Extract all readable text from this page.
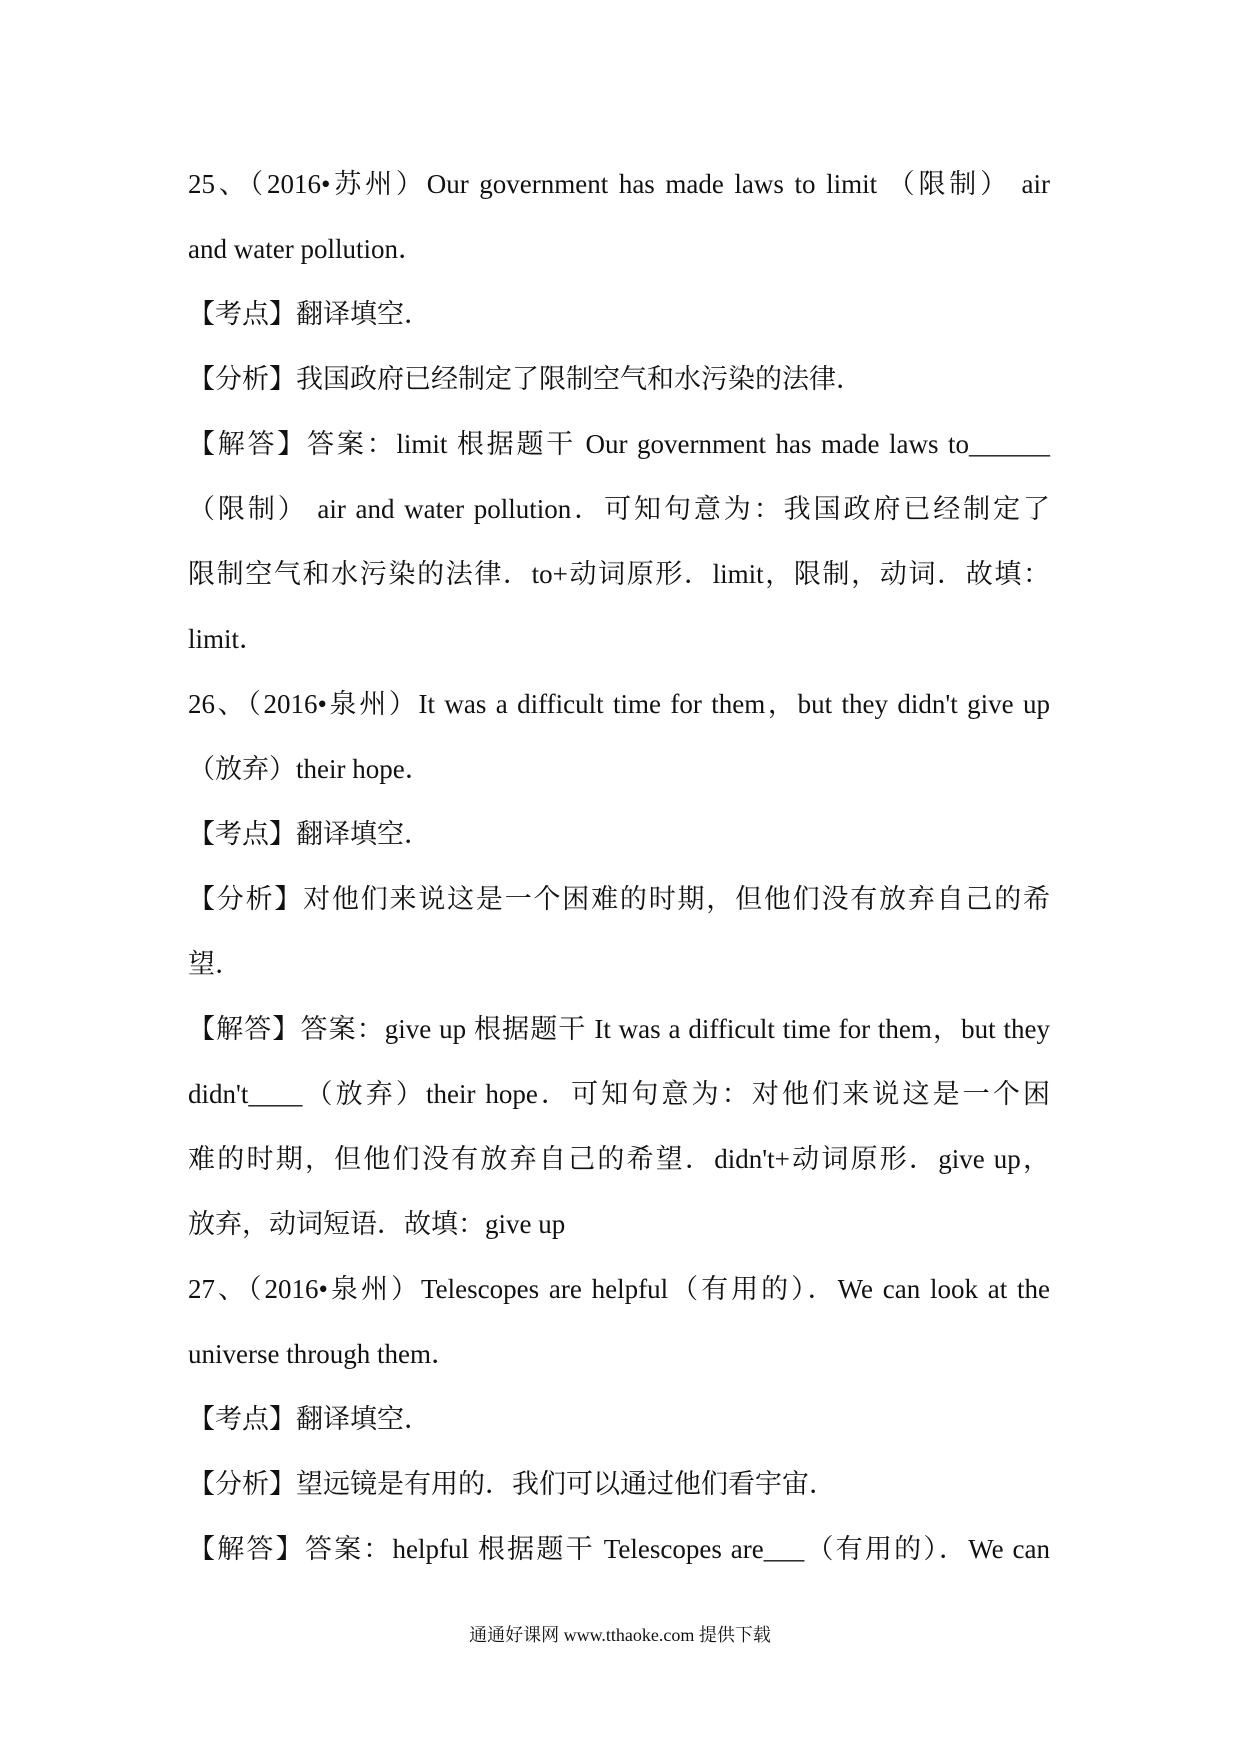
25、（2016•苏州）Our government has made laws to limit （限制） air
and water pollution．
【考点】翻译填空．
【分析】我国政府已经制定了限制空气和水污染的法律．
【解答】答案：limit 根据题干 Our government has made laws to______
（限制） air and water pollution．可知句意为：我国政府已经制定了
限制空气和水污染的法律．to+动词原形．limit，限制，动词．故填：
limit．
26、（2016•泉州）It was a difficult time for them，but they didn't give up
（放弃）their hope．
【考点】翻译填空．
【分析】对他们来说这是一个困难的时期，但他们没有放弃自己的希
望．
【解答】答案：give up 根据题干 It was a difficult time for them，but they
didn't____（放弃）their hope．可知句意为：对他们来说这是一个困
难的时期，但他们没有放弃自己的希望．didn't+动词原形．give up，
放弃，动词短语．故填：give up
27、（2016•泉州）Telescopes are helpful（有用的）．We can look at the
universe through them．
【考点】翻译填空．
【分析】望远镜是有用的．我们可以通过他们看宇宙．
【解答】答案：helpful 根据题干 Telescopes are___（有用的）．We can
通通好课网 www.tthaoke.com 提供下载
